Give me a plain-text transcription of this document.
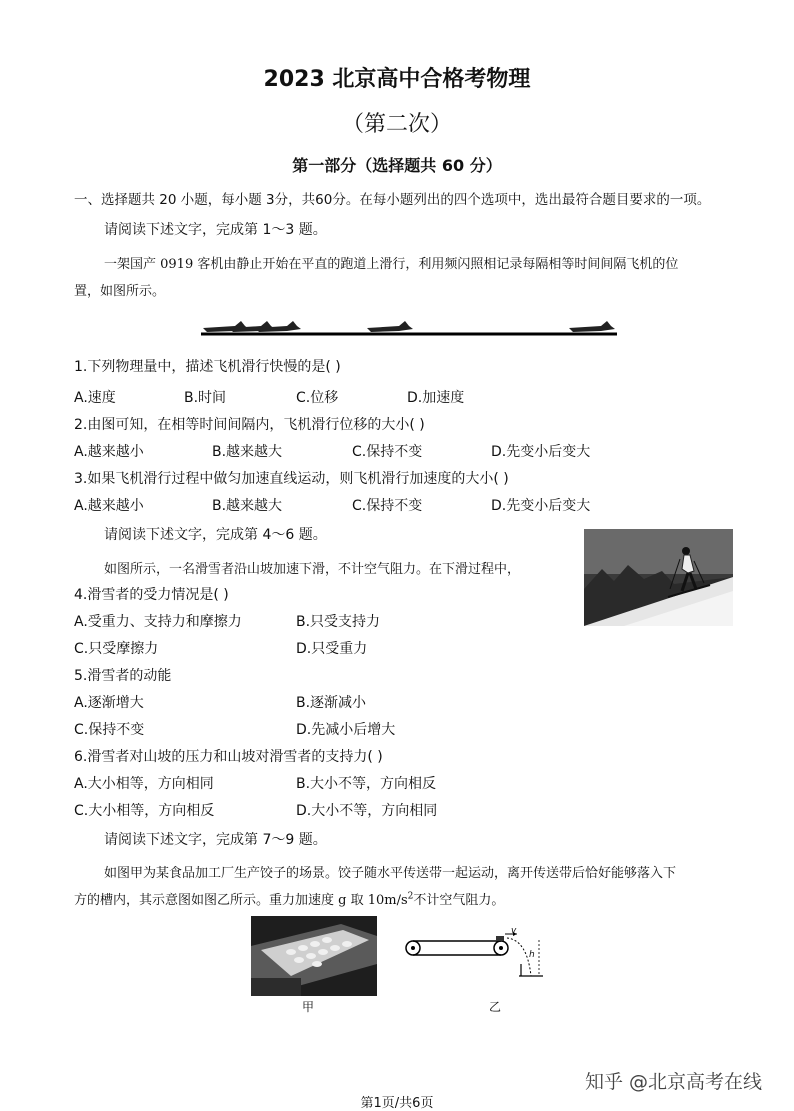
2023 北京高中合格考物理
（第二次）
第一部分（选择题共 60 分）
一、选择题共 20 小题，每小题 3分，共60分。在每小题列出的四个选项中，选出最符合题目要求的一项。
请阅读下述文字，完成第 1～3 题。
一架国产 0919 客机由静止开始在平直的跑道上滑行，利用频闪照相记录每隔相等时间间隔飞机的位
置，如图所示。
1.下列物理量中，描述飞机滑行快慢的是( )
A.速度	B.时间	C.位移	D.加速度
2.由图可知，在相等时间间隔内，飞机滑行位移的大小( )
A.越来越小	B.越来越大	C.保持不变	D.先变小后变大
3.如果飞机滑行过程中做匀加速直线运动，则飞机滑行加速度的大小( )
A.越来越小	B.越来越大	C.保持不变	D.先变小后变大
请阅读下述文字，完成第 4～6 题。
如图所示，一名滑雪者沿山坡加速下滑，不计空气阻力。在下滑过程中，
4.滑雪者的受力情况是( )
A.受重力、支持力和摩擦力	B.只受支持力
C.只受摩擦力	D.只受重力
5.滑雪者的动能
A.逐渐增大	B.逐渐减小
C.保持不变	D.先减小后增大
6.滑雪者对山坡的压力和山坡对滑雪者的支持力( )
A.大小相等，方向相同	B.大小不等，方向相反
C.大小相等，方向相反	D.大小不等，方向相同
请阅读下述文字，完成第 7～9 题。
如图甲为某食品加工厂生产饺子的场景。饺子随水平传送带一起运动，离开传送带后恰好能够落入下
方的槽内，其示意图如图乙所示。重力加速度 g 取 $10m/s^2$不计空气阻力。
甲
v
h
乙
知乎 @北京高考在线
第1页/共6页
